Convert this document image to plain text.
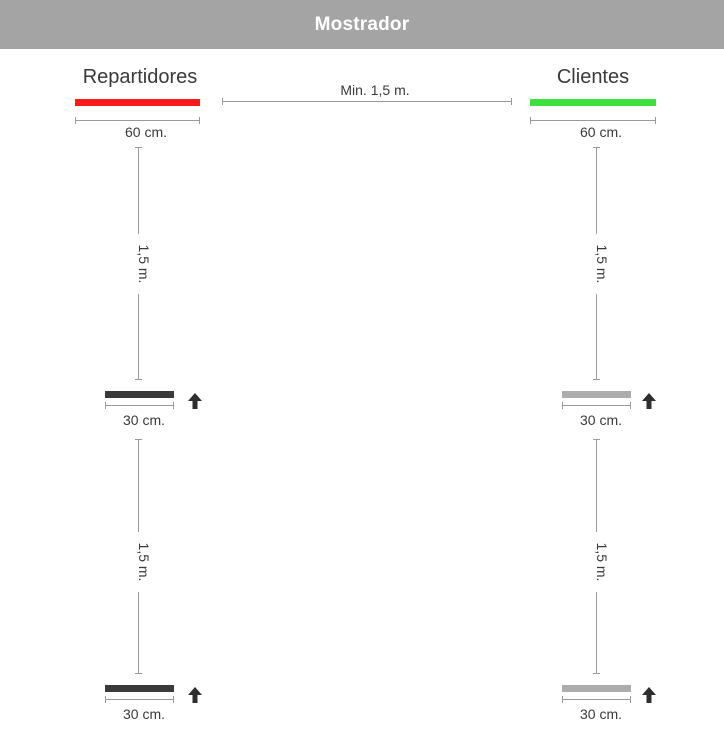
Mostrador
Repartidores
60 cm.
1,5 m.
30 cm.
1,5 m.
30 cm.
Min. 1,5 m.
Clientes
60 cm.
1,5 m.
30 cm.
1,5 m.
30 cm.
